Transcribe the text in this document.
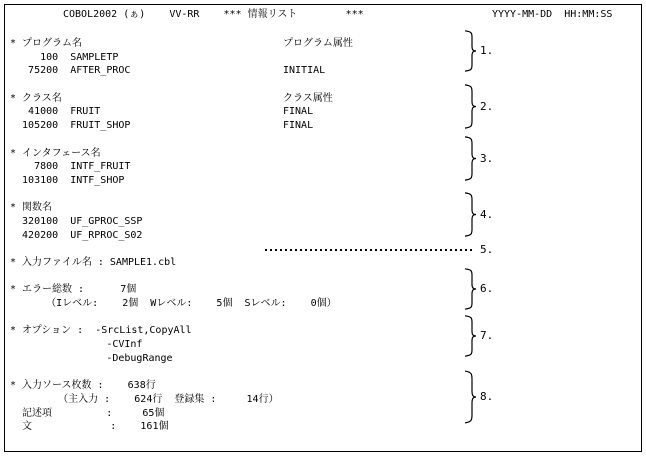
COBOL2002 (ぁ)    VV-RR    *** 情報リスト        ***	YYYY-MM-DD  HH:MM:SS
* プログラム名	プログラム属性
100  SAMPLETP
75200  AFTER_PROC	INITIAL

* クラス名	クラス属性
41000  FRUIT	FINAL
105200  FRUIT_SHOP	FINAL

* インタフェース名
7800  INTF_FRUIT
103100  INTF_SHOP

* 関数名
320100  UF_GPROC_SSP
420200  UF_RPROC_S02

* 入力ファイル名 : SAMPLE1.cbl

* エラー総数 :      7個
（Iレベル:    2個  Wレベル:    5個  Sレベル:    0個）

* オプション :  -SrcList,CopyAll
-CVInf
-DebugRange

* 入力ソース枚数 :    638行
（主入力 :    624行  登録集 :     14行）
記述項         :     65個
文             :    161個
1.
2.
3.
4.
5.
6.
7.
8.
